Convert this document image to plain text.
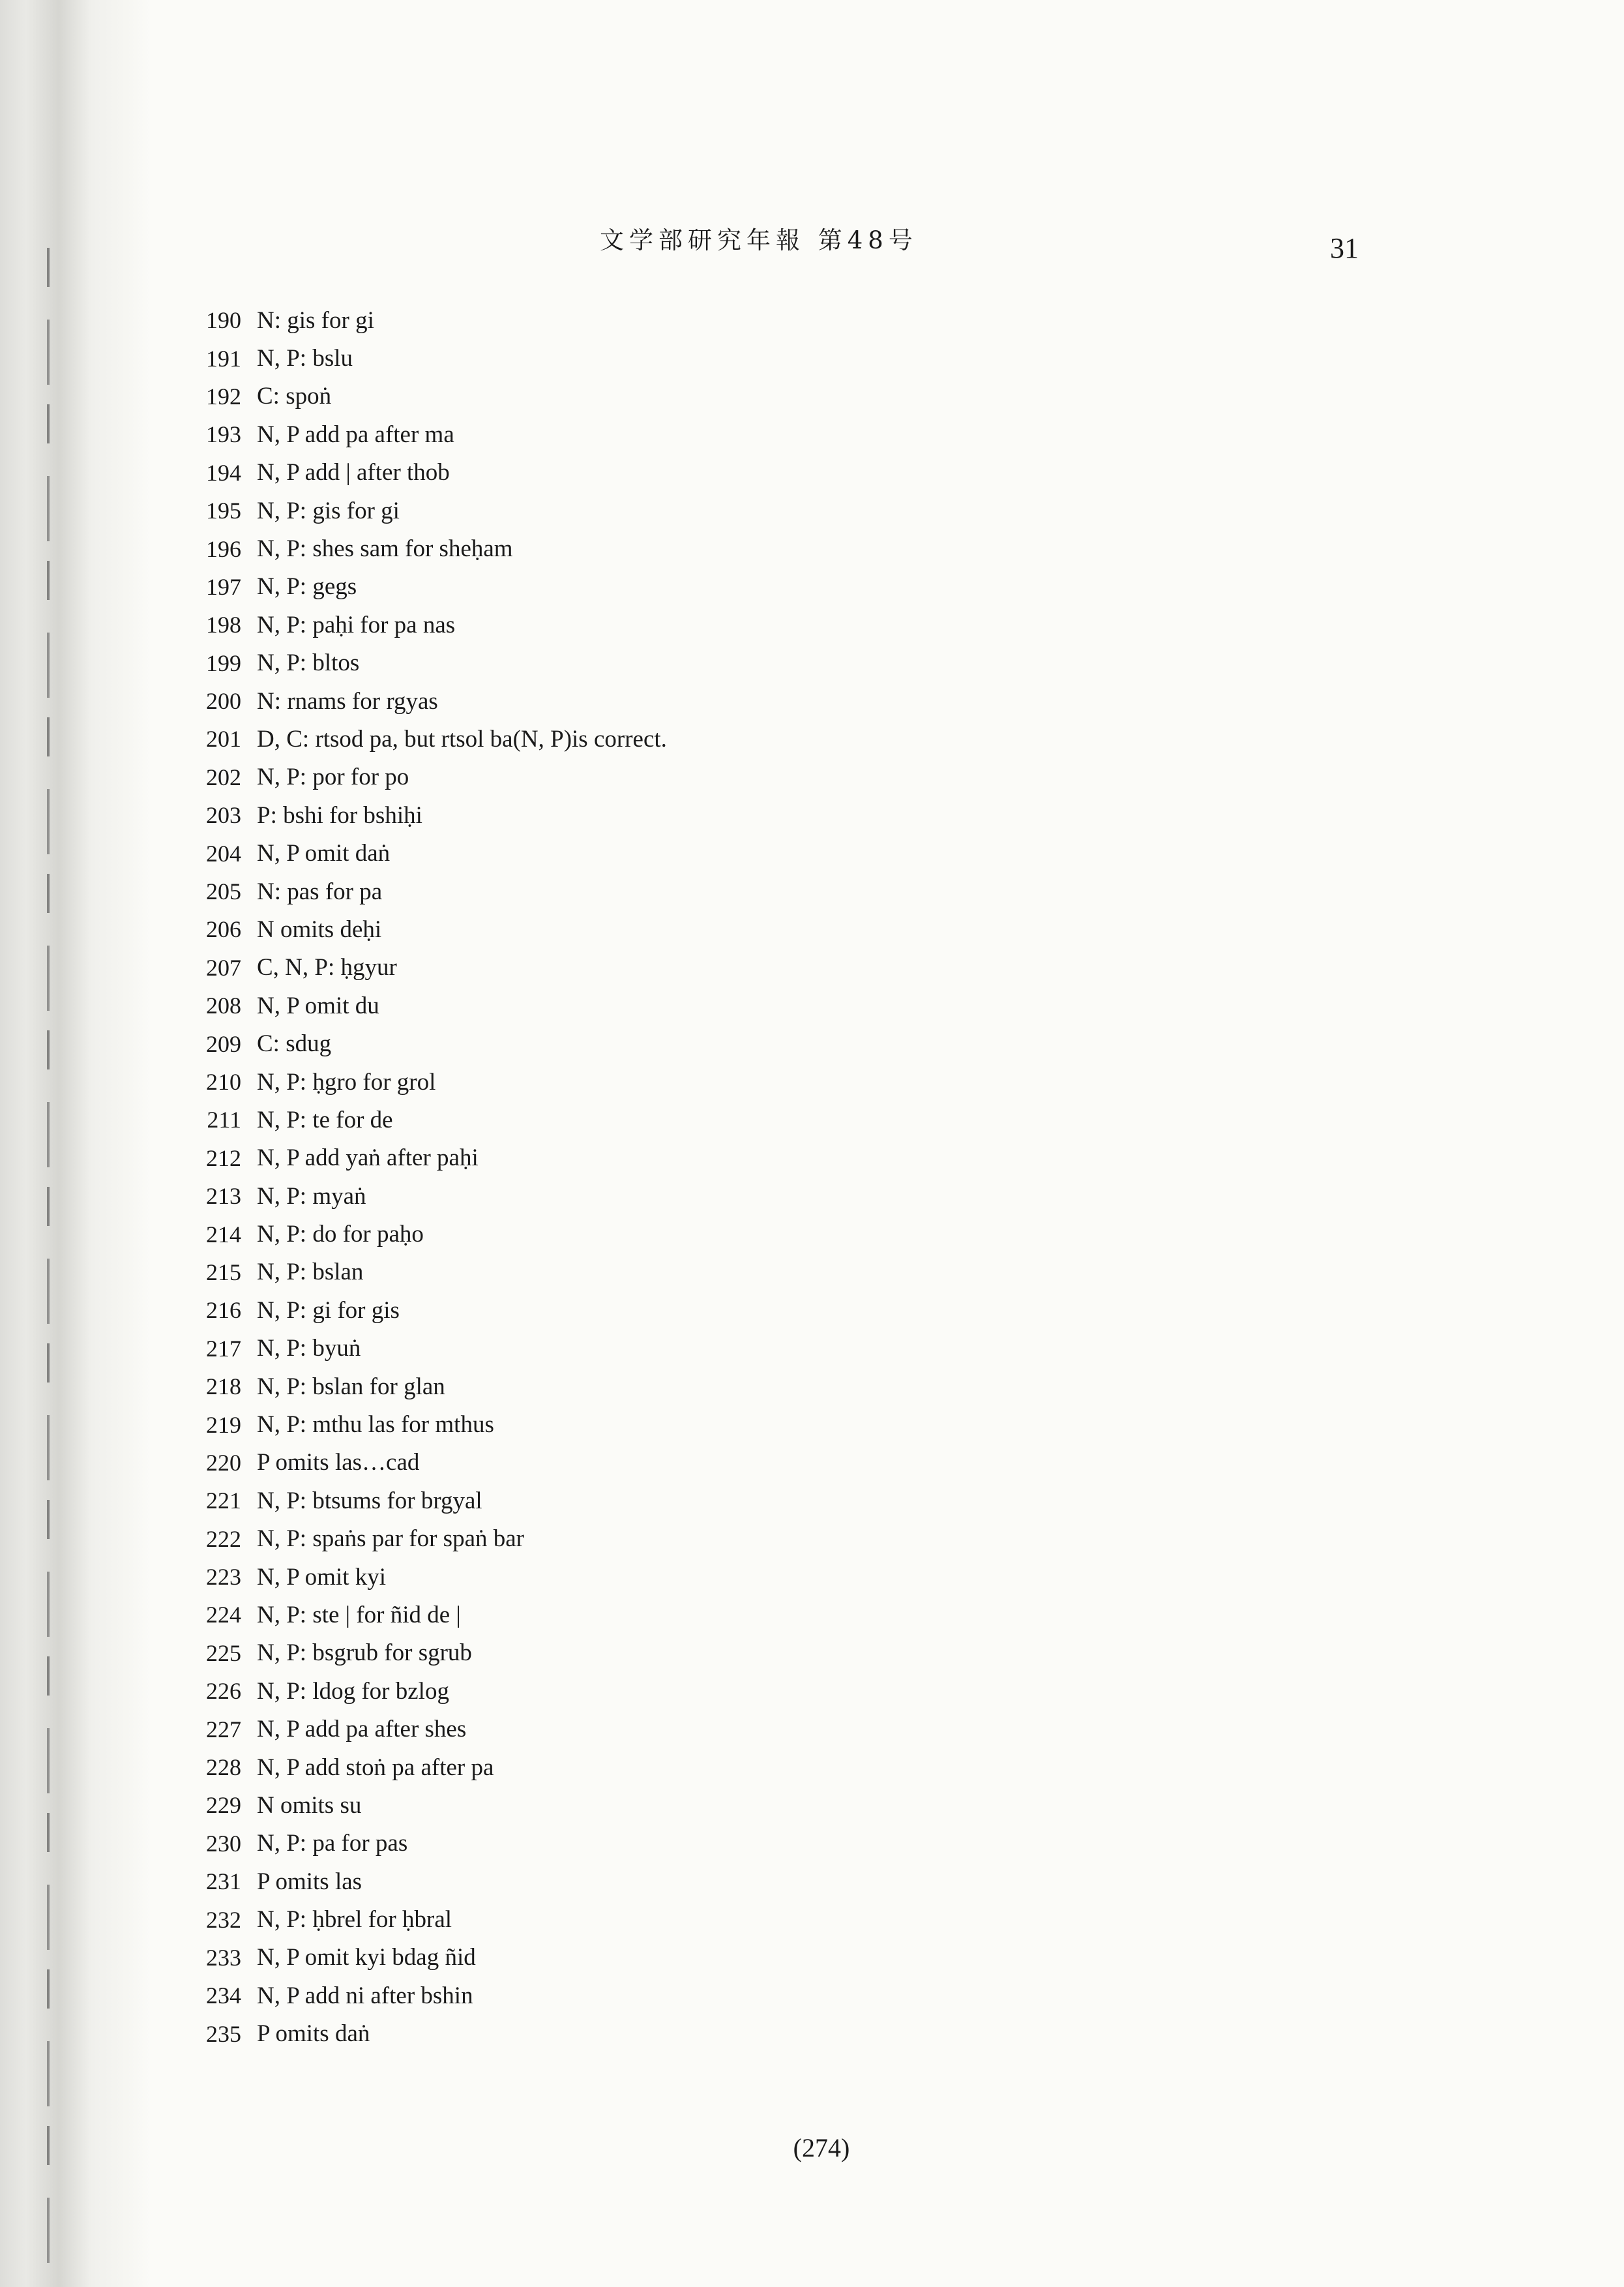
文学部研究年報 第48号	31
190 N: gis for gi
191 N, P: bslu
192 C: spoṅ
193 N, P add pa after ma
194 N, P add | after thob
195 N, P: gis for gi
196 N, P: shes sam for sheḥam
197 N, P: gegs
198 N, P: paḥi for pa nas
199 N, P: bltos
200 N: rnams for rgyas
201 D, C: rtsod pa, but rtsol ba(N, P)is correct.
202 N, P: por for po
203 P: bshi for bshiḥi
204 N, P omit daṅ
205 N: pas for pa
206 N omits deḥi
207 C, N, P: ḥgyur
208 N, P omit du
209 C: sdug
210 N, P: ḥgro for grol
211 N, P: te for de
212 N, P add yaṅ after paḥi
213 N, P: myaṅ
214 N, P: do for paḥo
215 N, P: bslan
216 N, P: gi for gis
217 N, P: byuṅ
218 N, P: bslan for glan
219 N, P: mthu las for mthus
220 P omits las…cad
221 N, P: btsums for brgyal
222 N, P: spaṅs par for spaṅ bar
223 N, P omit kyi
224 N, P: ste | for ñid de |
225 N, P: bsgrub for sgrub
226 N, P: ldog for bzlog
227 N, P add pa after shes
228 N, P add stoṅ pa after pa
229 N omits su
230 N, P: pa for pas
231 P omits las
232 N, P: ḥbrel for ḥbral
233 N, P omit kyi bdag ñid
234 N, P add ni after bshin
235 P omits daṅ
(274)
